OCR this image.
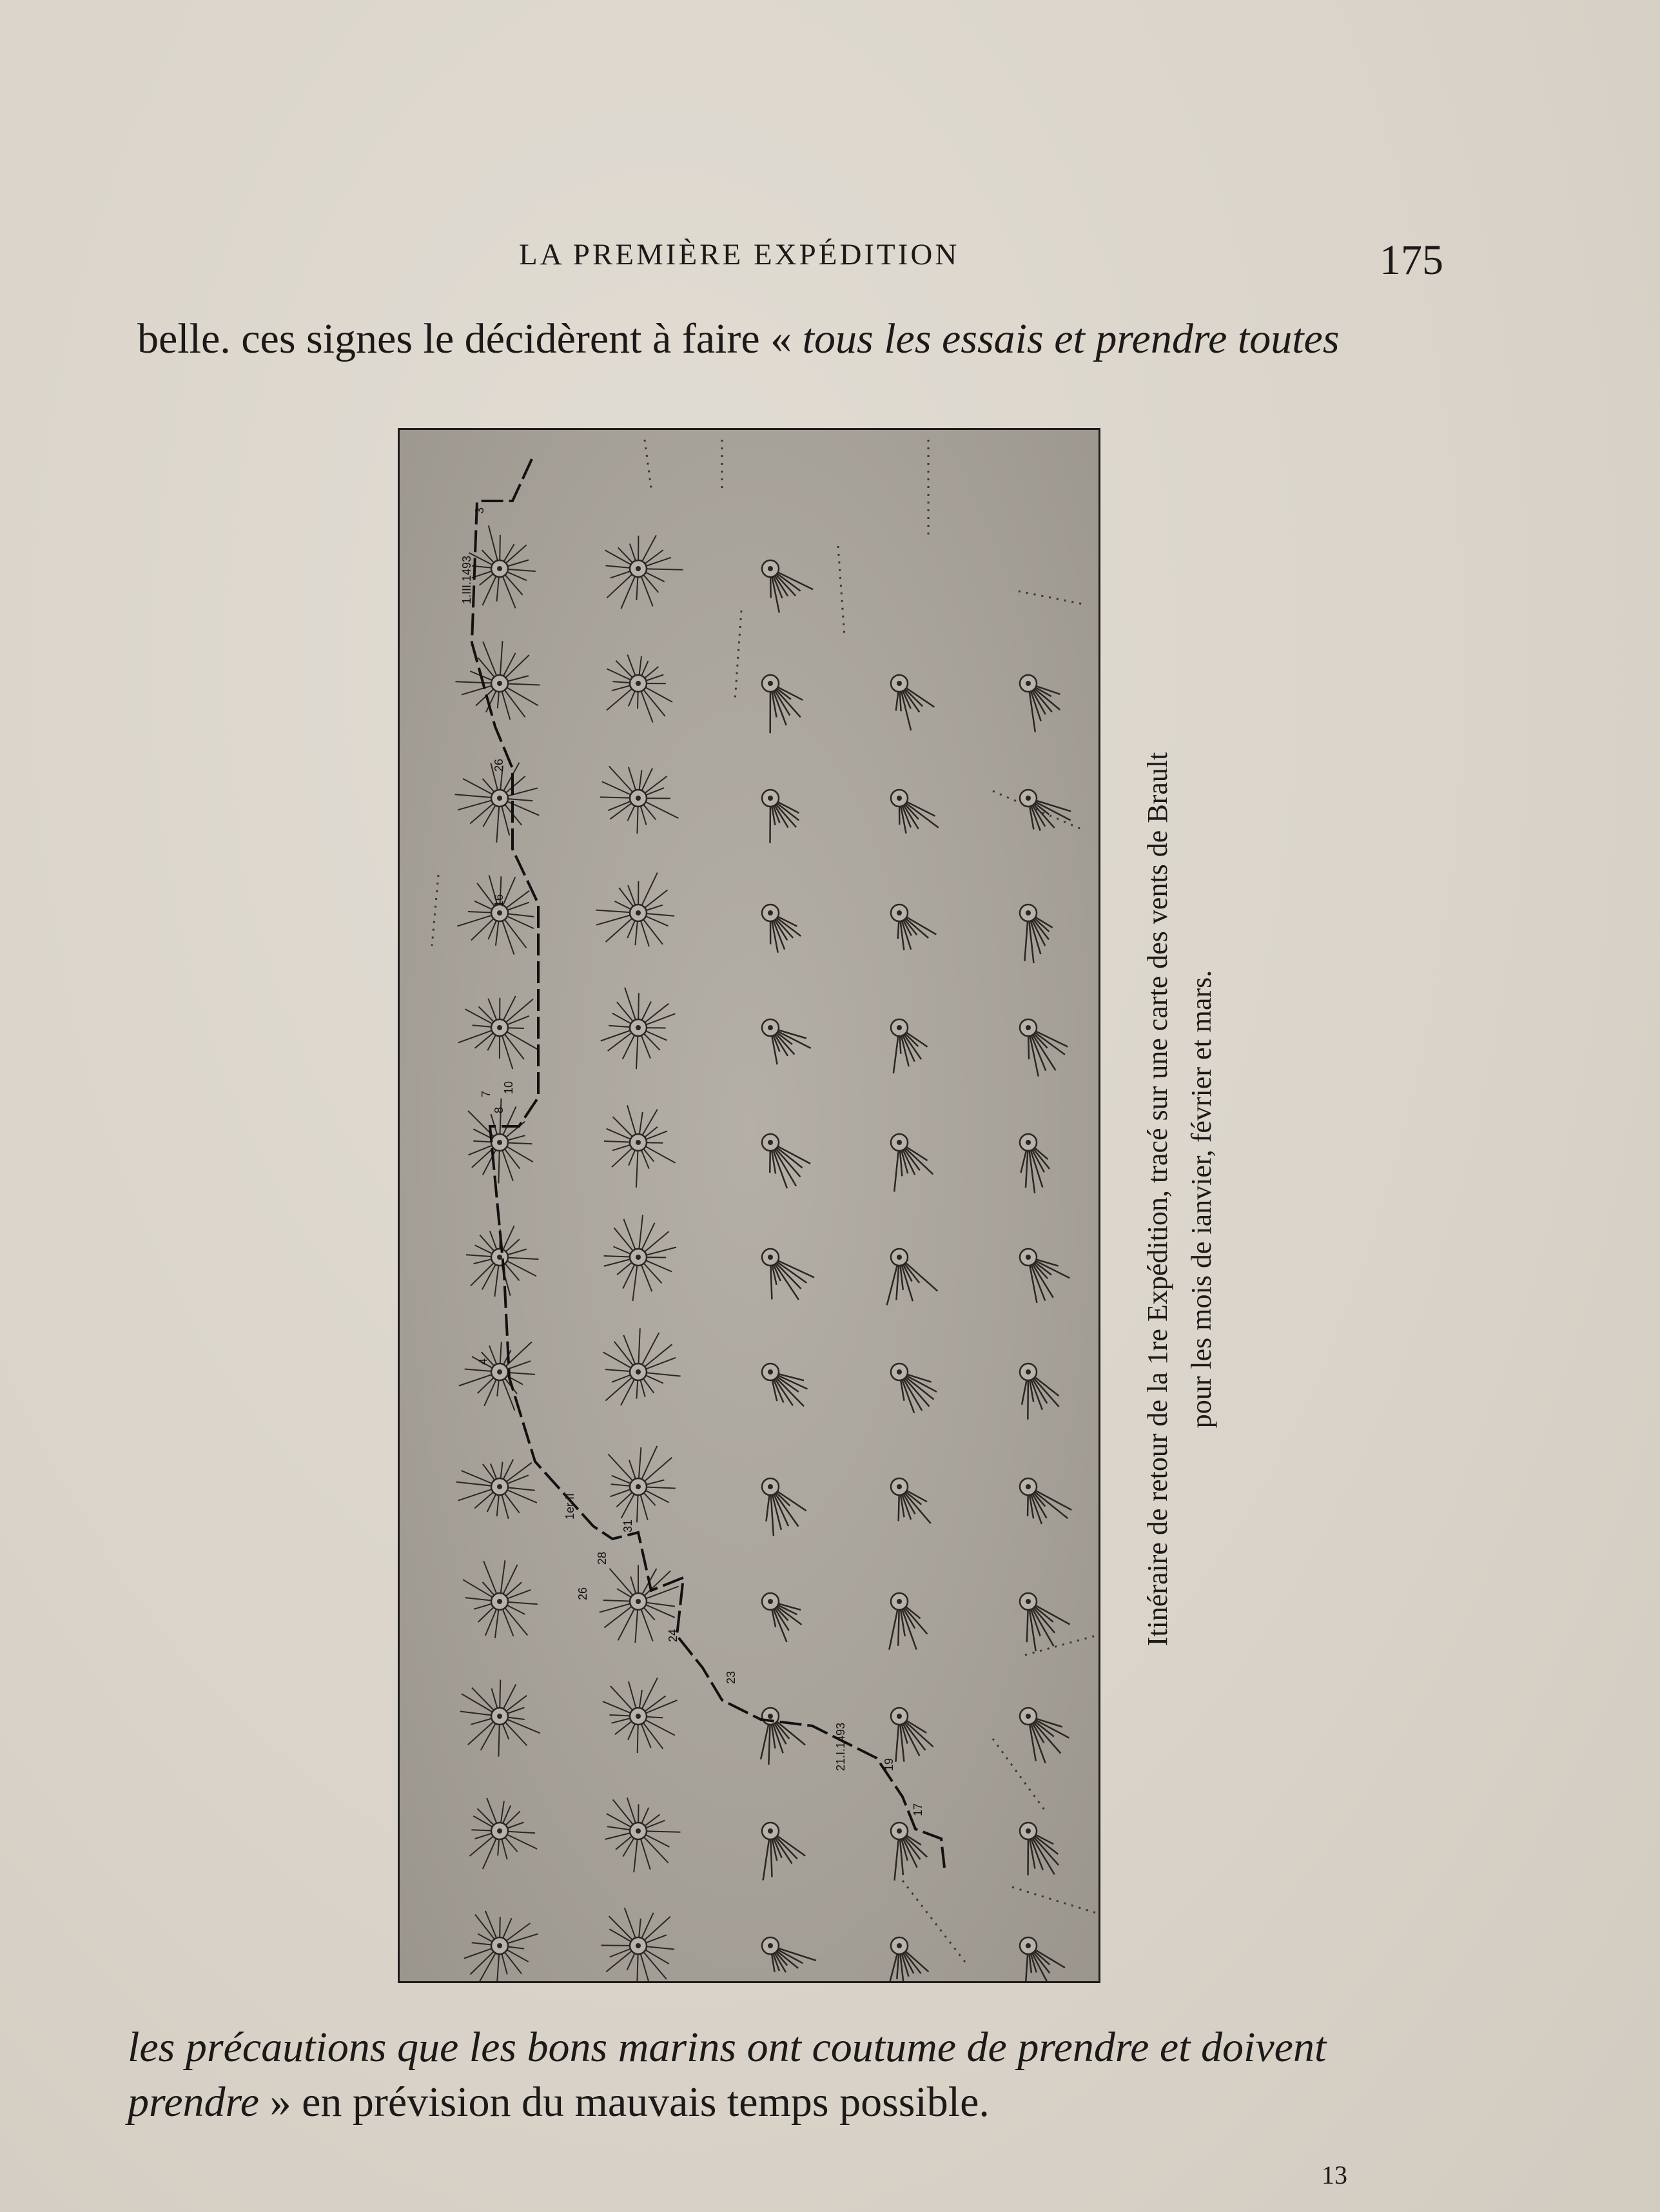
LA PREMIÈRE EXPÉDITION	175
belle. ces signes le décidèrent à faire « tous les essais et prendre toutes
3
1.III.1493
26
16
10
7
8
4
1er II
31
28
26
24
23
21.I.1493	19
17
Itinéraire de retour de la 1re Expédition, tracé sur une carte des vents de Brault pour les mois de ianvier, février et mars.
les précautions que les bons marins ont coutume de prendre et doivent
prendre » en prévision du mauvais temps possible.
13
